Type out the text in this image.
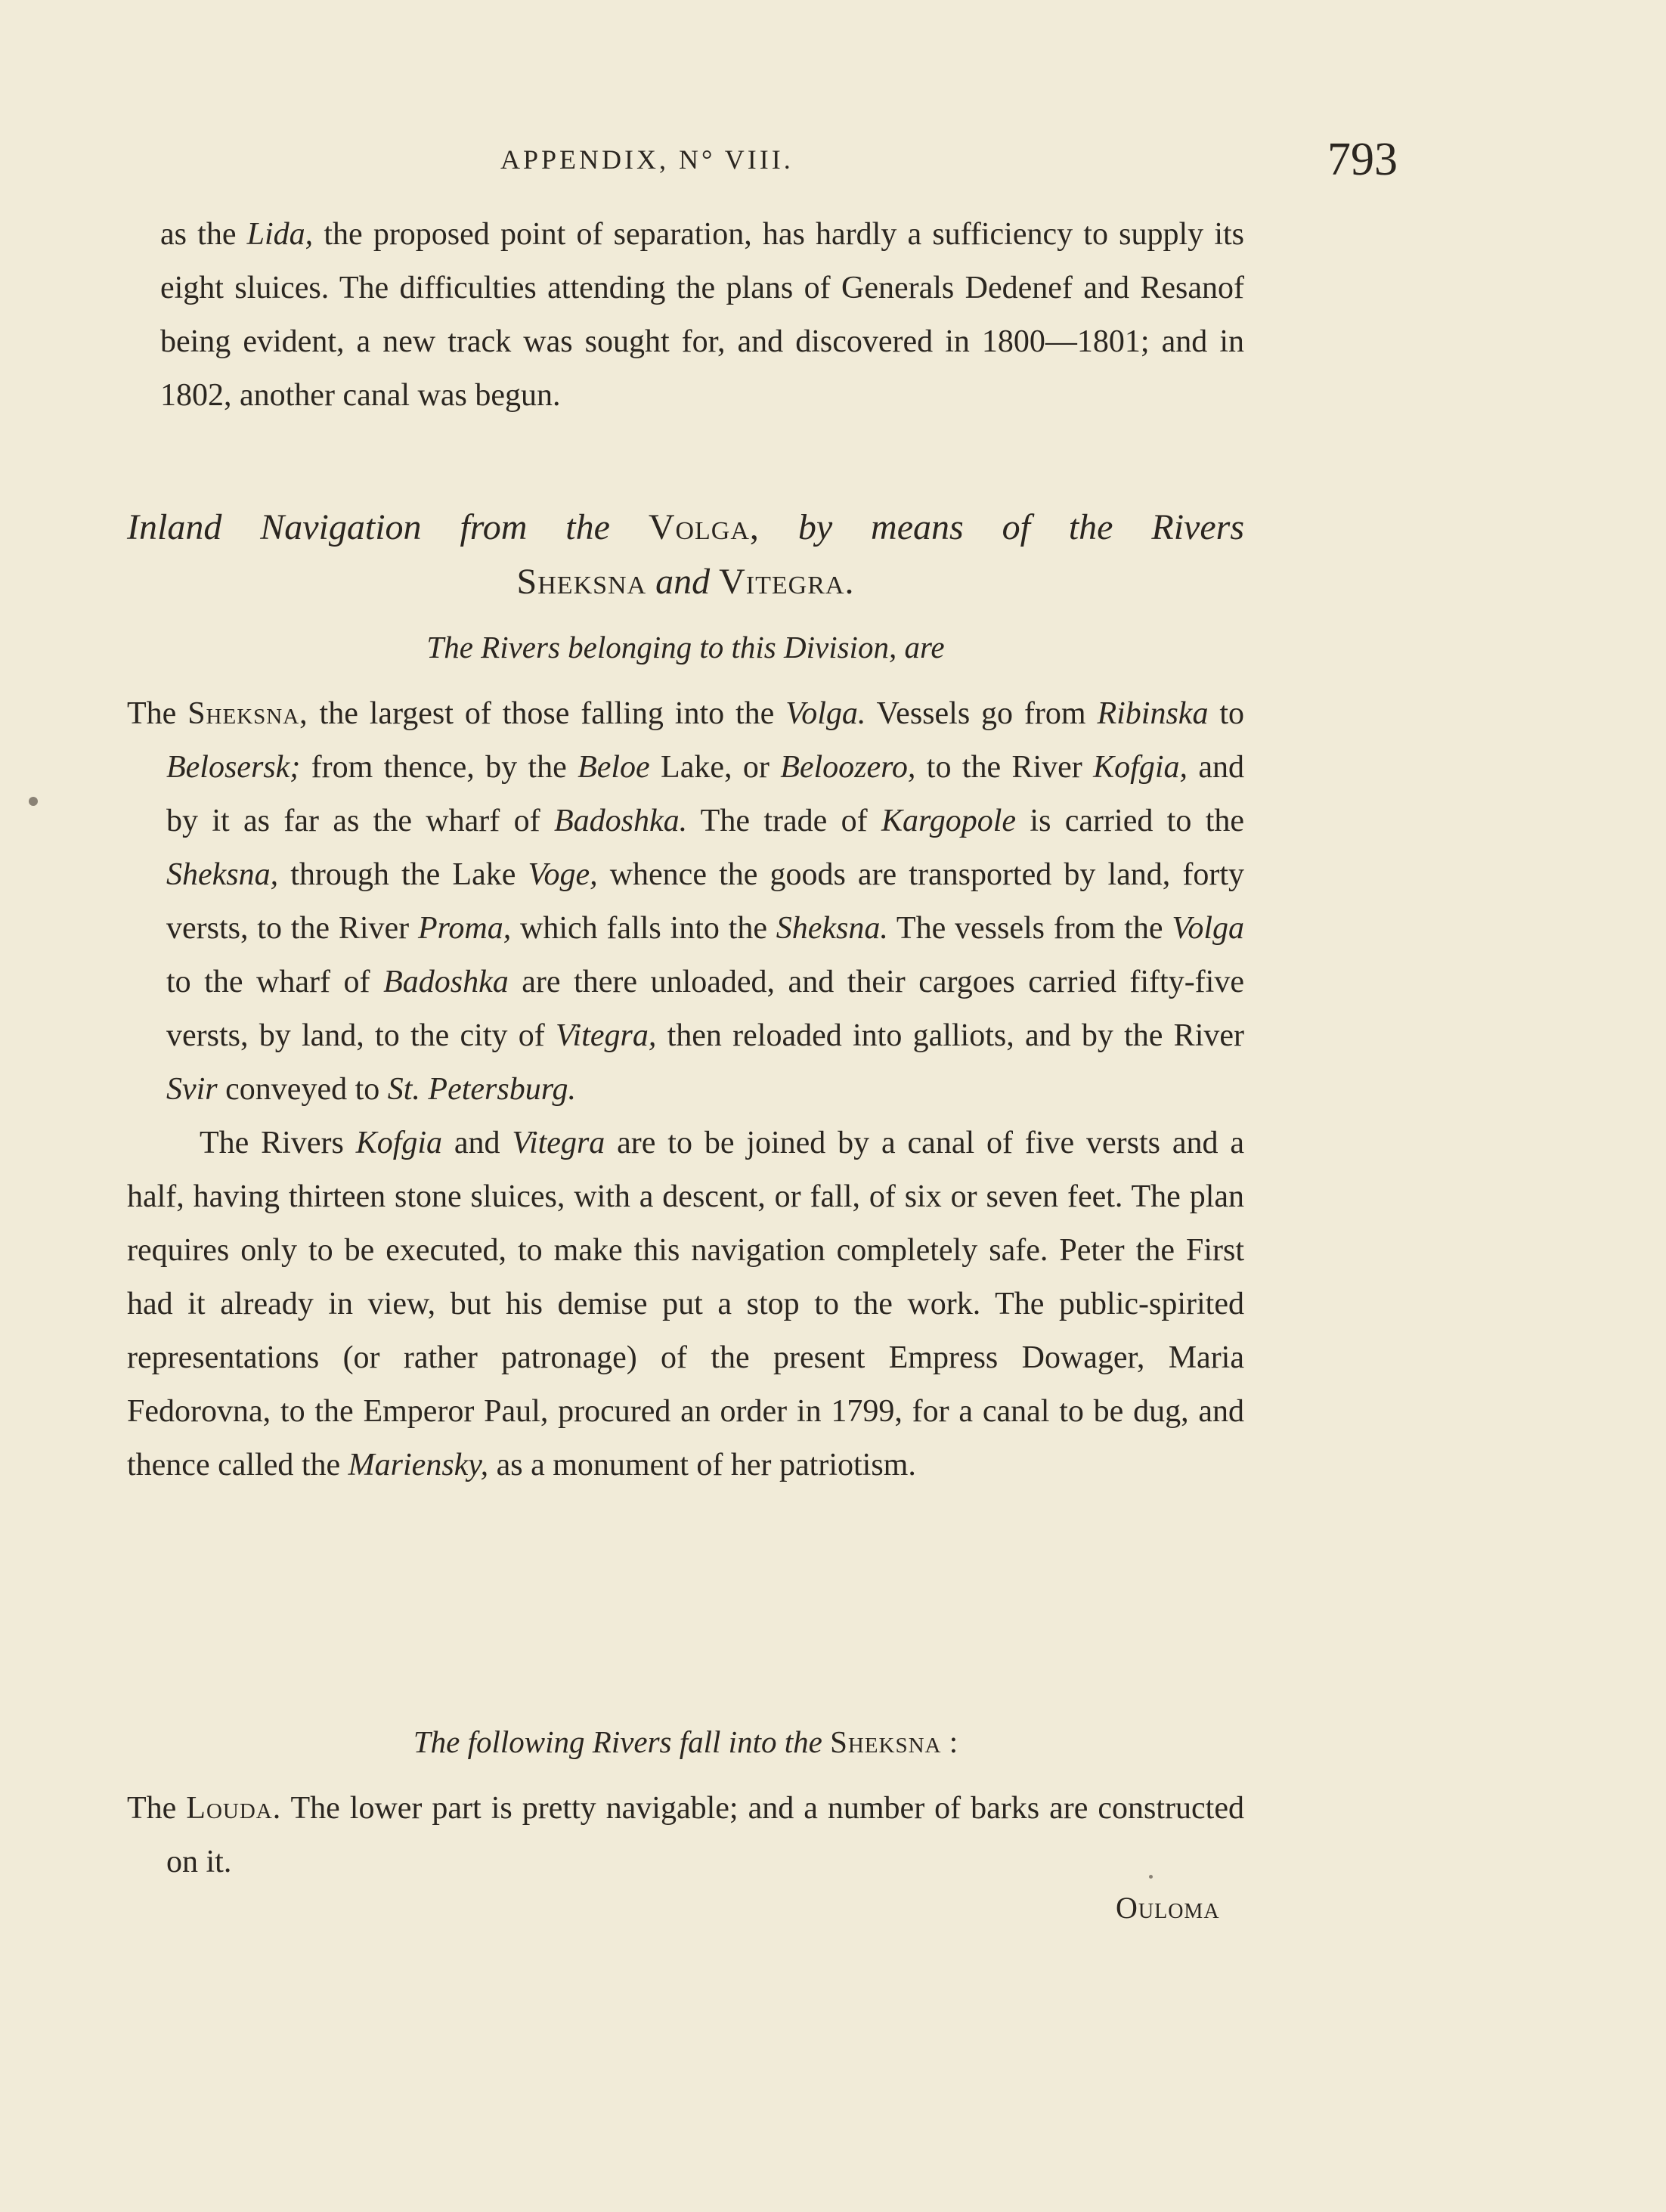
APPENDIX, N° VIII.	793

as the Lida, the proposed point of separation, has hardly a sufficiency to supply its eight sluices. The difficulties attending the plans of Generals Dedenef and Resanof being evident, a new track was sought for, and discovered in 1800—1801; and in 1802, another canal was begun.

Inland Navigation from the Volga, by means of the Rivers
Sheksna and Vitegra.
The Rivers belonging to this Division, are

The Sheksna, the largest of those falling into the Volga. Vessels go from Ribinska to Belosersk; from thence, by the Beloe Lake, or Beloozero, to the River Kofgia, and by it as far as the wharf of Badoshka. The trade of Kargopole is carried to the Sheksna, through the Lake Voge, whence the goods are transported by land, forty versts, to the River Proma, which falls into the Sheksna. The vessels from the Volga to the wharf of Badoshka are there unloaded, and their cargoes carried fifty-five versts, by land, to the city of Vitegra, then reloaded into galliots, and by the River Svir conveyed to St. Petersburg.

The Rivers Kofgia and Vitegra are to be joined by a canal of five versts and a half, having thirteen stone sluices, with a descent, or fall, of six or seven feet. The plan requires only to be executed, to make this navigation completely safe. Peter the First had it already in view, but his demise put a stop to the work. The public-spirited representations (or rather patronage) of the present Empress Dowager, Maria Fedorovna, to the Emperor Paul, procured an order in 1799, for a canal to be dug, and thence called the Mariensky, as a monument of her patriotism.

The following Rivers fall into the Sheksna :

The Louda. The lower part is pretty navigable; and a number of barks are constructed on it.

Ouloma
